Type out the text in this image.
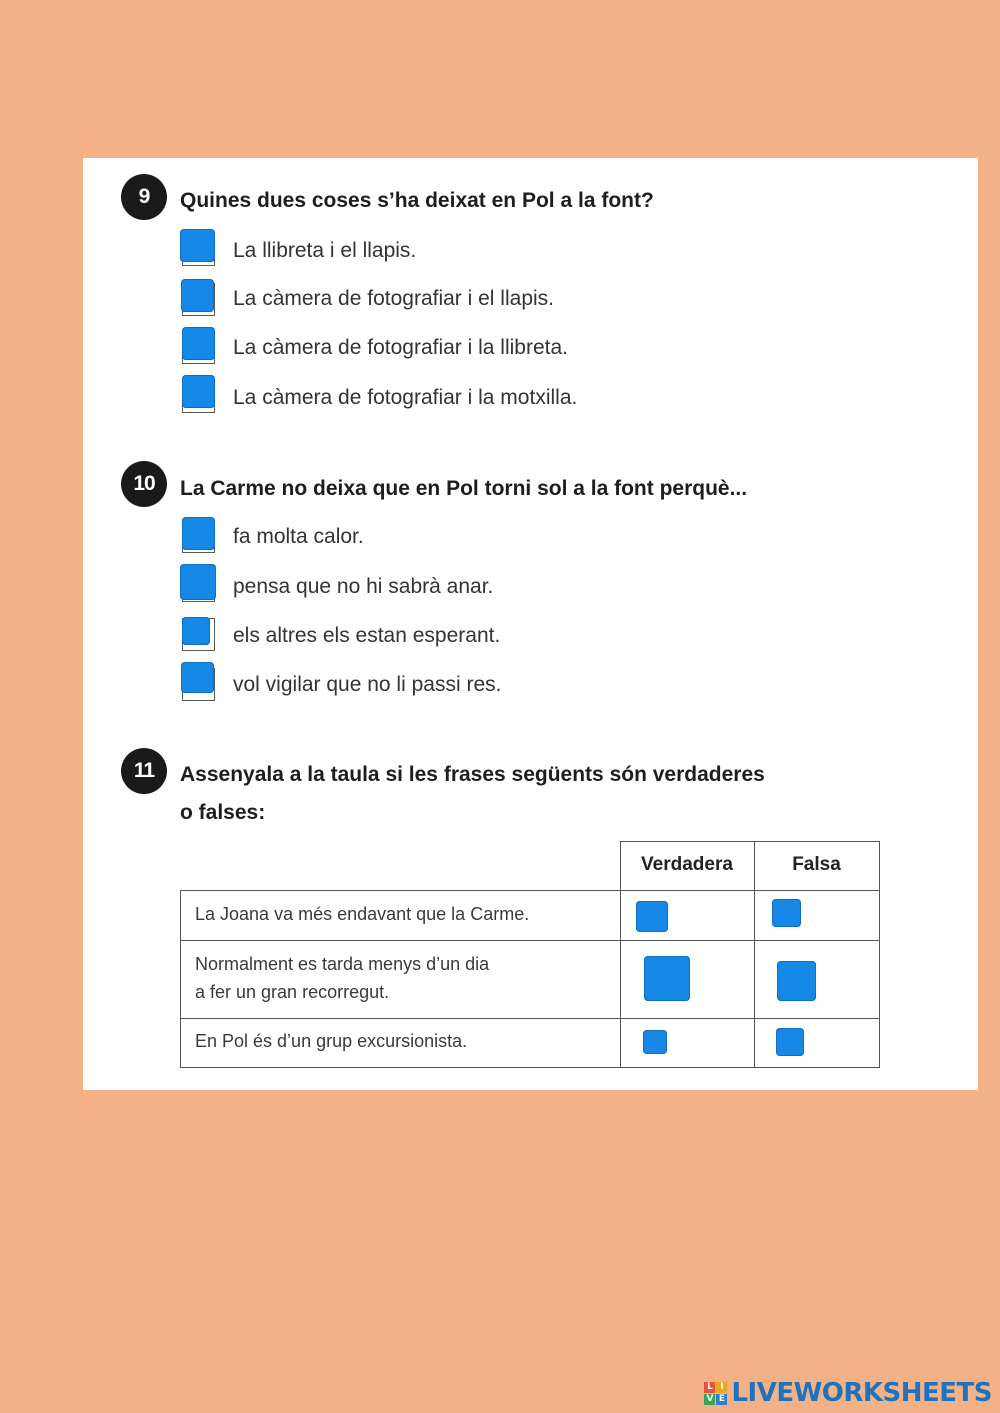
9	Quines dues coses s’ha deixat en Pol a la font?
La llibreta i el llapis.
La càmera de fotografiar i el llapis.
La càmera de fotografiar i la llibreta.
La càmera de fotografiar i la motxilla.
10	La Carme no deixa que en Pol torni sol a la font perquè...
fa molta calor.
pensa que no hi sabrà anar.
els altres els estan esperant.
vol vigilar que no li passi res.
11	Assenyala a la taula si les frases següents són verdaderes
o falses:
Verdadera	Falsa
La Joana va més endavant que la Carme.
Normalment es tarda menys d’un dia
a fer un gran recorregut.
En Pol és d’un grup excursionista.
L I
V E LIVEWORKSHEETS
